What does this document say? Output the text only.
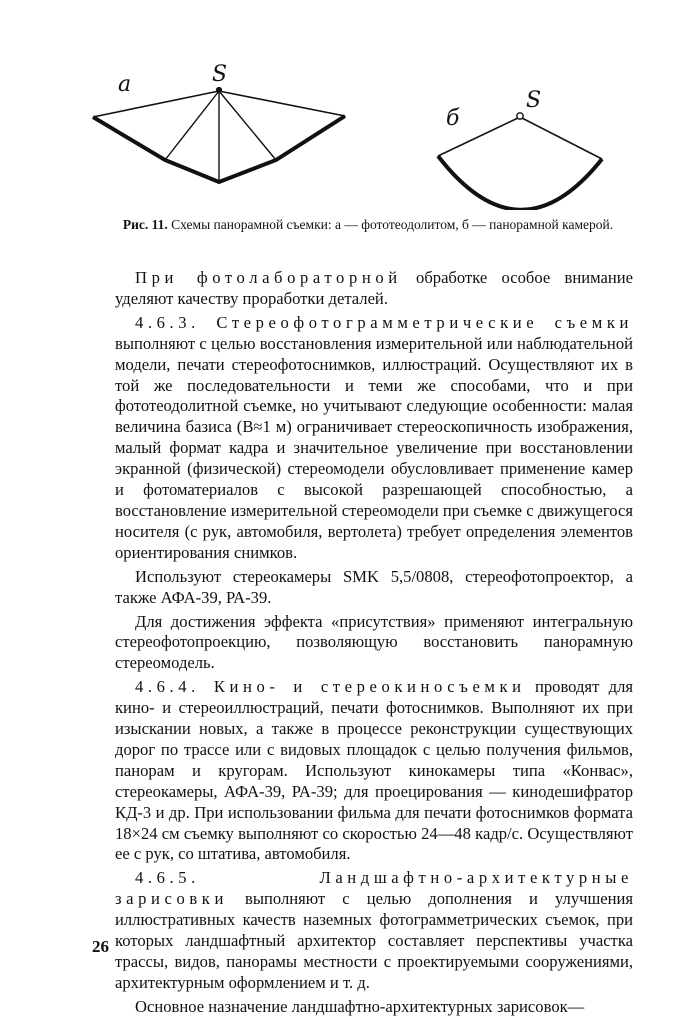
a	S
б
S
Рис. 11. Схемы панорамной съемки: а — фототеодолитом, б — панорамной камерой.

При фотолабораторной обработке особое внимание уделяют качеству проработки деталей.

4.6.3. Стереофотограмметрические съемки выполняют с целью восстановления измерительной или наблюдательной модели, печати стереофотоснимков, иллюстраций. Осуществляют их в той же последовательности и теми же способами, что и при фототеодолитной съемке, но учитывают следующие особенности: малая величина базиса (B≈1 м) ограничивает стереоскопичность изображения, малый формат кадра и значительное увеличение при восстановлении экранной (физической) стереомодели обусловливает применение камер и фотоматериалов с высокой разрешающей способностью, а восстановление измерительной стереомодели при съемке с движущегося носителя (с рук, автомобиля, вертолета) требует определения элементов ориентирования снимков.

Используют стереокамеры SMK 5,5/0808, стереофотопроектор, а также АФА-39, РА-39.

Для достижения эффекта «присутствия» применяют интегральную стереофотопроекцию, позволяющую восстановить панорамную стереомодель.

4.6.4. Кино- и стереокиносъемки проводят для кино- и стереоиллюстраций, печати фотоснимков. Выполняют их при изыскании новых, а также в процессе реконструкции существующих дорог по трассе или с видовых площадок с целью получения фильмов, панорам и кругорам. Используют кинокамеры типа «Конвас», стереокамеры, АФА-39, РА-39; для проецирования — кинодешифратор КД-3 и др. При использовании фильма для печати фотоснимков формата 18×24 см съемку выполняют со скоростью 24—48 кадр/с. Осуществляют ее с рук, со штатива, автомобиля.

4.6.5. Ландшафтно-архитектурные зарисовки выполняют с целью дополнения и улучшения иллюстративных качеств наземных фотограмметрических съемок, при которых ландшафтный архитектор составляет перспективы участка трассы, видов, панорамы местности с проектируемыми сооружениями, архитектурным оформлением и т. д.

Основное назначение ландшафтно-архитектурных зарисовок—

26
